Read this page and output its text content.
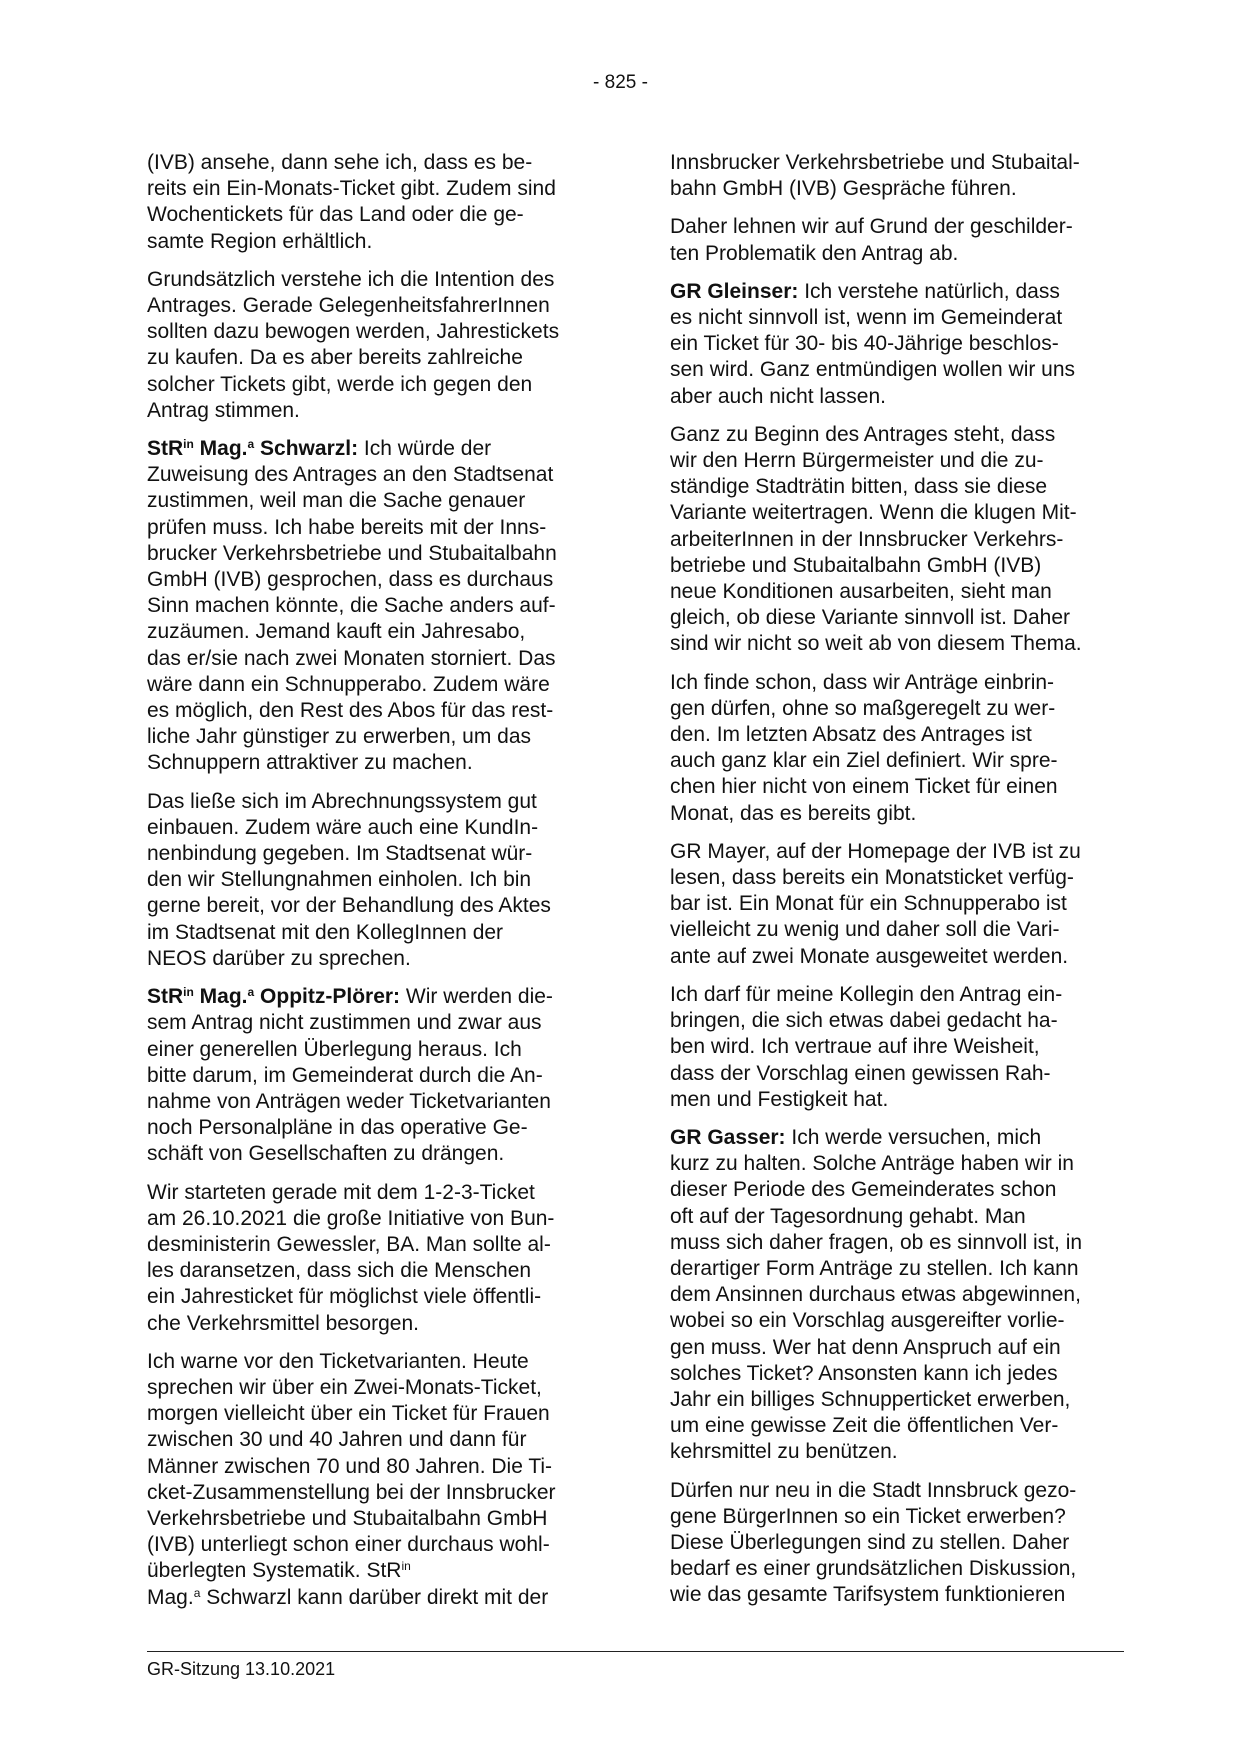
- 825 -

(IVB) ansehe, dann sehe ich, dass es be-
reits ein Ein-Monats-Ticket gibt. Zudem sind
Wochentickets für das Land oder die ge-
samte Region erhältlich.

Grundsätzlich verstehe ich die Intention des
Antrages. Gerade GelegenheitsfahrerInnen
sollten dazu bewogen werden, Jahrestickets
zu kaufen. Da es aber bereits zahlreiche
solcher Tickets gibt, werde ich gegen den
Antrag stimmen.

StR$^{in}$ Mag.$^a$ Schwarzl: Ich würde der
Zuweisung des Antrages an den Stadtsenat
zustimmen, weil man die Sache genauer
prüfen muss. Ich habe bereits mit der Inns-
brucker Verkehrsbetriebe und Stubaitalbahn
GmbH (IVB) gesprochen, dass es durchaus
Sinn machen könnte, die Sache anders auf-
zuzäumen. Jemand kauft ein Jahresabo,
das er/sie nach zwei Monaten storniert. Das
wäre dann ein Schnupperabo. Zudem wäre
es möglich, den Rest des Abos für das rest-
liche Jahr günstiger zu erwerben, um das
Schnuppern attraktiver zu machen.

Das ließe sich im Abrechnungssystem gut
einbauen. Zudem wäre auch eine KundIn-
nenbindung gegeben. Im Stadtsenat wür-
den wir Stellungnahmen einholen. Ich bin
gerne bereit, vor der Behandlung des Aktes
im Stadtsenat mit den KollegInnen der
NEOS darüber zu sprechen.

StR$^{in}$ Mag.$^a$ Oppitz-Plörer: Wir werden die-
sem Antrag nicht zustimmen und zwar aus
einer generellen Überlegung heraus. Ich
bitte darum, im Gemeinderat durch die An-
nahme von Anträgen weder Ticketvarianten
noch Personalpläne in das operative Ge-
schäft von Gesellschaften zu drängen.

Wir starteten gerade mit dem 1-2-3-Ticket
am 26.10.2021 die große Initiative von Bun-
desministerin Gewessler, BA. Man sollte al-
les daransetzen, dass sich die Menschen
ein Jahresticket für möglichst viele öffentli-
che Verkehrsmittel besorgen.

Ich warne vor den Ticketvarianten. Heute
sprechen wir über ein Zwei-Monats-Ticket,
morgen vielleicht über ein Ticket für Frauen
zwischen 30 und 40 Jahren und dann für
Männer zwischen 70 und 80 Jahren. Die Ti-
cket-Zusammenstellung bei der Innsbrucker
Verkehrsbetriebe und Stubaitalbahn GmbH
(IVB) unterliegt schon einer durchaus wohl-
überlegten Systematik. StR$^{in}$
Mag.$^a$ Schwarzl kann darüber direkt mit der

Innsbrucker Verkehrsbetriebe und Stubaital-
bahn GmbH (IVB) Gespräche führen.

Daher lehnen wir auf Grund der geschilder-
ten Problematik den Antrag ab.

GR Gleinser: Ich verstehe natürlich, dass
es nicht sinnvoll ist, wenn im Gemeinderat
ein Ticket für 30- bis 40-Jährige beschlos-
sen wird. Ganz entmündigen wollen wir uns
aber auch nicht lassen.

Ganz zu Beginn des Antrages steht, dass
wir den Herrn Bürgermeister und die zu-
ständige Stadträtin bitten, dass sie diese
Variante weitertragen. Wenn die klugen Mit-
arbeiterInnen in der Innsbrucker Verkehrs-
betriebe und Stubaitalbahn GmbH (IVB)
neue Konditionen ausarbeiten, sieht man
gleich, ob diese Variante sinnvoll ist. Daher
sind wir nicht so weit ab von diesem Thema.

Ich finde schon, dass wir Anträge einbrin-
gen dürfen, ohne so maßgeregelt zu wer-
den. Im letzten Absatz des Antrages ist
auch ganz klar ein Ziel definiert. Wir spre-
chen hier nicht von einem Ticket für einen
Monat, das es bereits gibt.

GR Mayer, auf der Homepage der IVB ist zu
lesen, dass bereits ein Monatsticket verfüg-
bar ist. Ein Monat für ein Schnupperabo ist
vielleicht zu wenig und daher soll die Vari-
ante auf zwei Monate ausgeweitet werden.

Ich darf für meine Kollegin den Antrag ein-
bringen, die sich etwas dabei gedacht ha-
ben wird. Ich vertraue auf ihre Weisheit,
dass der Vorschlag einen gewissen Rah-
men und Festigkeit hat.

GR Gasser: Ich werde versuchen, mich
kurz zu halten. Solche Anträge haben wir in
dieser Periode des Gemeinderates schon
oft auf der Tagesordnung gehabt. Man
muss sich daher fragen, ob es sinnvoll ist, in
derartiger Form Anträge zu stellen. Ich kann
dem Ansinnen durchaus etwas abgewinnen,
wobei so ein Vorschlag ausgereifter vorlie-
gen muss. Wer hat denn Anspruch auf ein
solches Ticket? Ansonsten kann ich jedes
Jahr ein billiges Schnupperticket erwerben,
um eine gewisse Zeit die öffentlichen Ver-
kehrsmittel zu benützen.

Dürfen nur neu in die Stadt Innsbruck gezo-
gene BürgerInnen so ein Ticket erwerben?
Diese Überlegungen sind zu stellen. Daher
bedarf es einer grundsätzlichen Diskussion,
wie das gesamte Tarifsystem funktionieren

GR-Sitzung 13.10.2021
